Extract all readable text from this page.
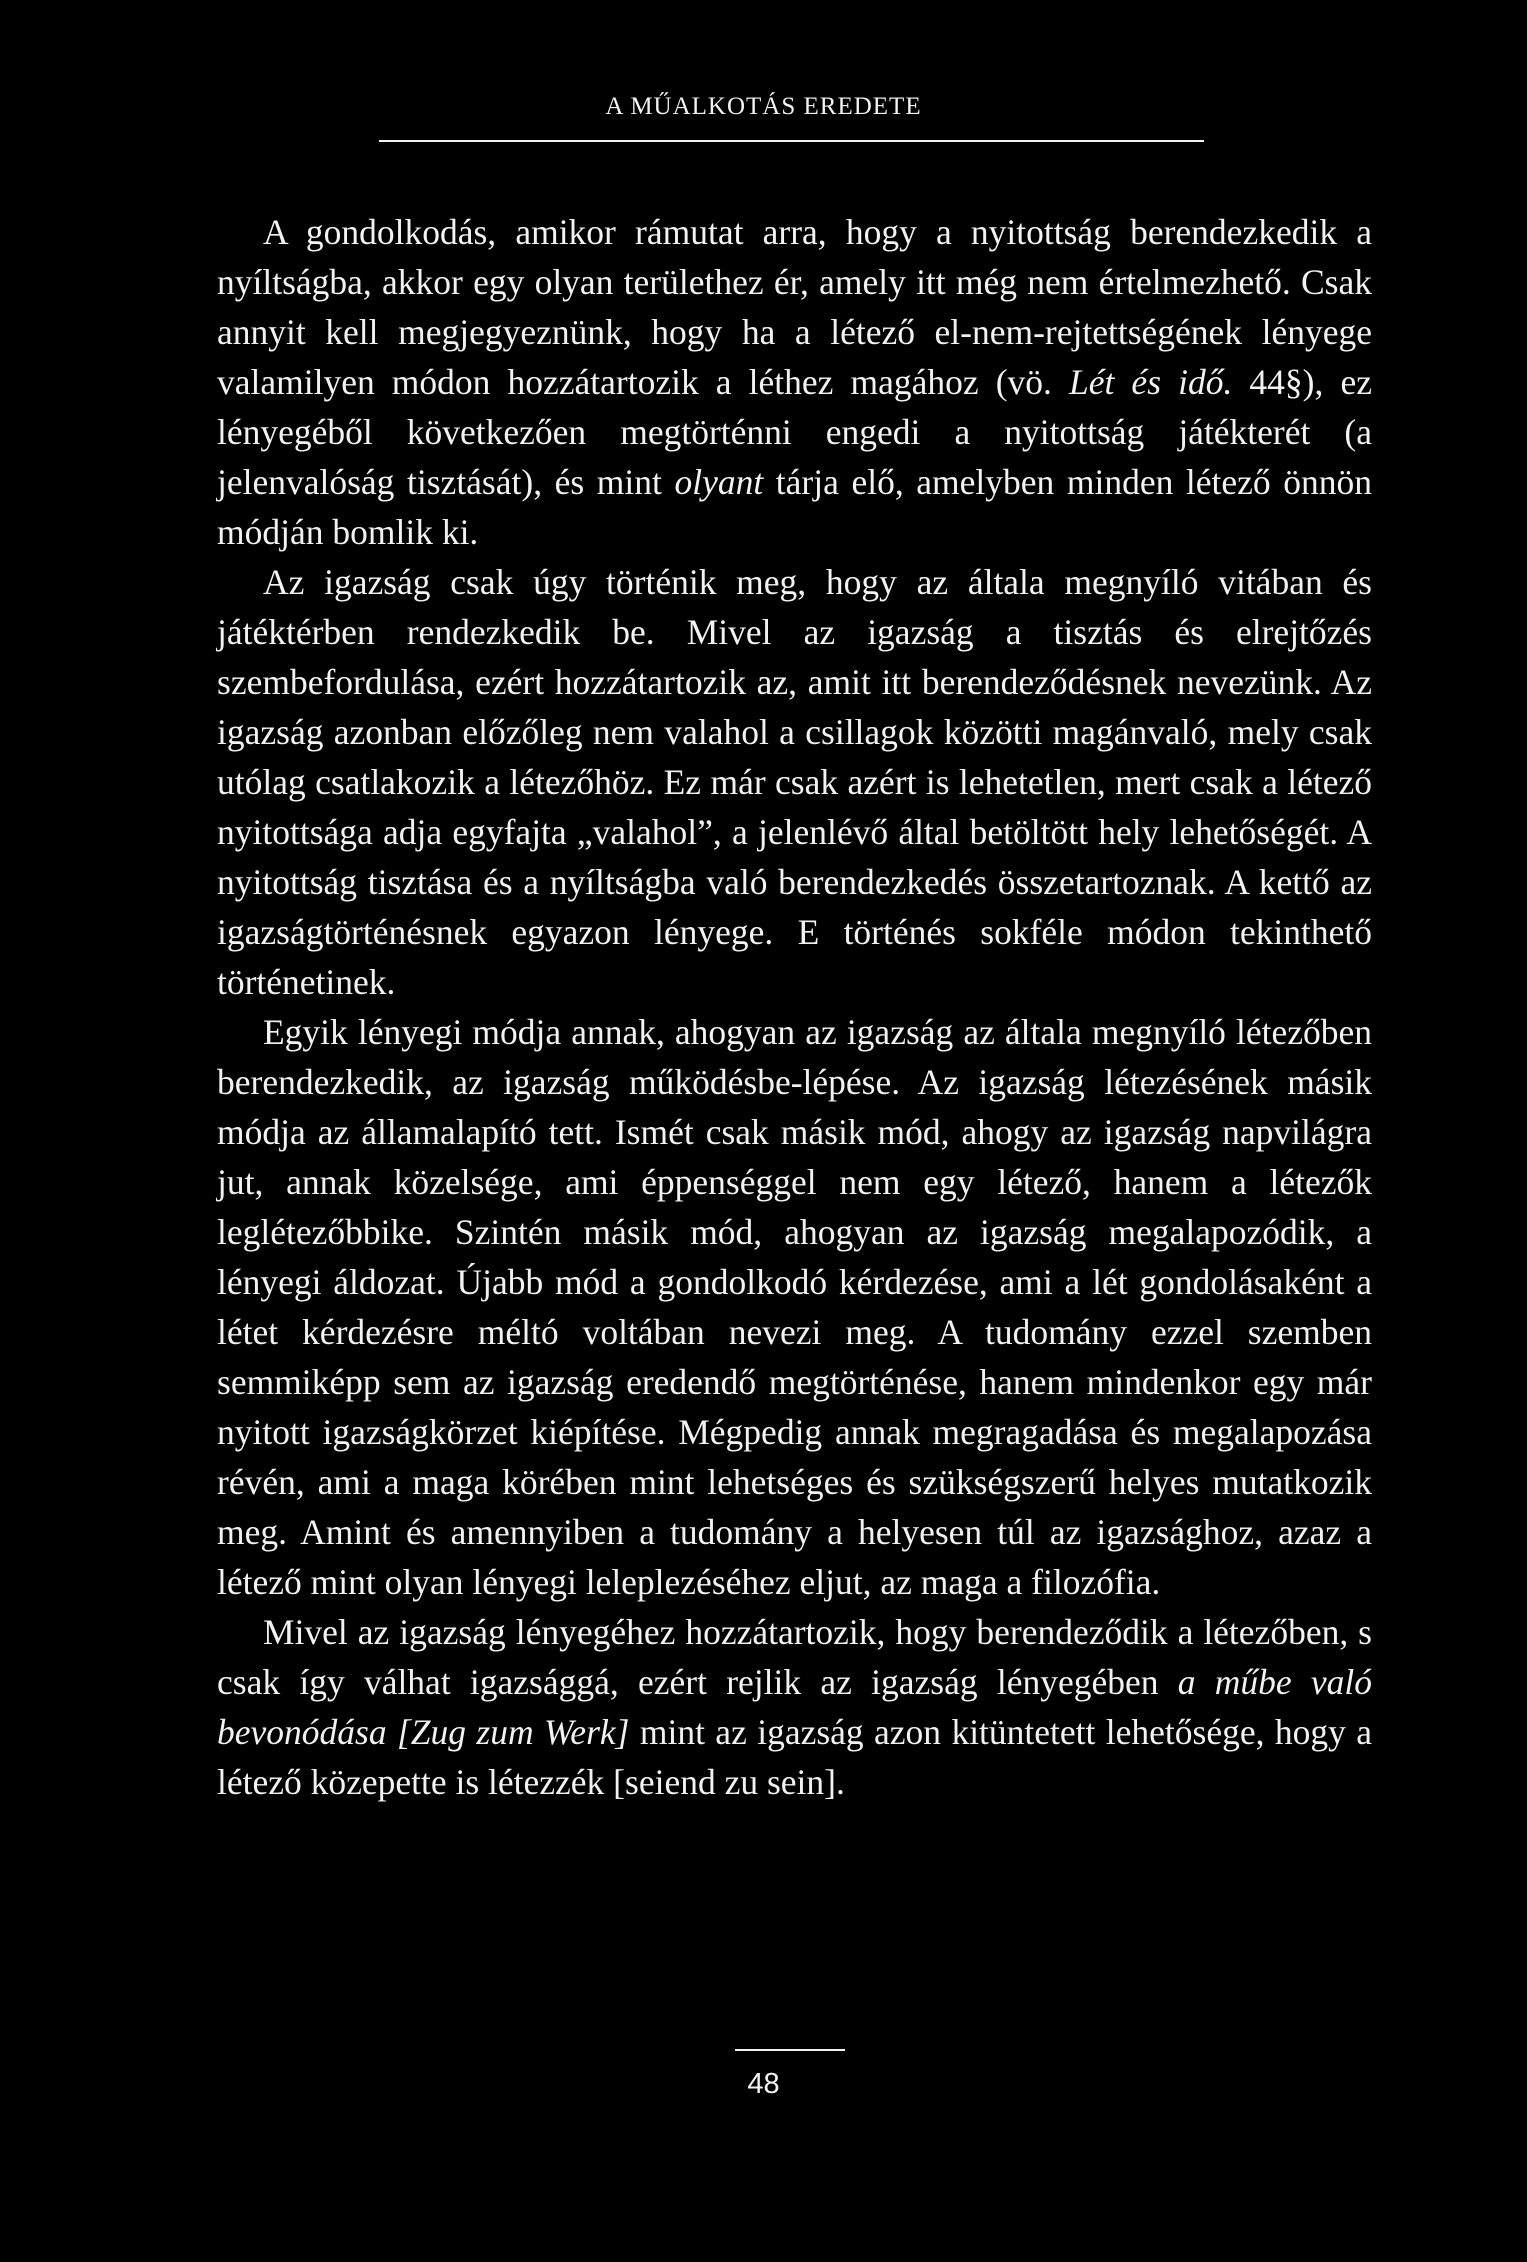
A MŰALKOTÁS EREDETE

A gondolkodás, amikor rámutat arra, hogy a nyitottság berendezkedik a nyíltságba, akkor egy olyan területhez ér, amely itt még nem értelmezhető. Csak annyit kell megjegyeznünk, hogy ha a létező el-nem-rejtettségének lényege valamilyen módon hozzátartozik a léthez magához (vö. Lét és idő. 44§), ez lényegéből következően megtörténni engedi a nyitottság játékterét (a jelenvalóság tisztását), és mint olyant tárja elő, amelyben minden létező önnön módján bomlik ki.

Az igazság csak úgy történik meg, hogy az általa megnyíló vitában és játéktérben rendezkedik be. Mivel az igazság a tisztás és elrejtőzés szembefordulása, ezért hozzátartozik az, amit itt berendeződésnek nevezünk. Az igazság azonban előzőleg nem valahol a csillagok közötti magánvaló, mely csak utólag csatlakozik a létezőhöz. Ez már csak azért is lehetetlen, mert csak a létező nyitottsága adja egyfajta „valahol”, a jelenlévő által betöltött hely lehetőségét. A nyitottság tisztása és a nyíltságba való berendezkedés összetartoznak. A kettő az igazságtörténésnek egyazon lényege. E történés sokféle módon tekinthető történetinek.

Egyik lényegi módja annak, ahogyan az igazság az általa megnyíló létezőben berendezkedik, az igazság működésbe-lépése. Az igazság létezésének másik módja az államalapító tett. Ismét csak másik mód, ahogy az igazság napvilágra jut, annak közelsége, ami éppenséggel nem egy létező, hanem a létezők leglétezőbbike. Szintén másik mód, ahogyan az igazság megalapozódik, a lényegi áldozat. Újabb mód a gondolkodó kérdezése, ami a lét gondolásaként a létet kérdezésre méltó voltában nevezi meg. A tudomány ezzel szemben semmiképp sem az igazság eredendő megtörténése, hanem mindenkor egy már nyitott igazságkörzet kiépítése. Mégpedig annak megragadása és megalapozása révén, ami a maga körében mint lehetséges és szükségszerű helyes mutatkozik meg. Amint és amennyiben a tudomány a helyesen túl az igazsághoz, azaz a létező mint olyan lényegi leleplezéséhez eljut, az maga a filozófia.

Mivel az igazság lényegéhez hozzátartozik, hogy berendeződik a létezőben, s csak így válhat igazsággá, ezért rejlik az igazság lényegében a műbe való bevonódása [Zug zum Werk] mint az igazság azon kitüntetett lehetősége, hogy a létező közepette is létezzék [seiend zu sein].

48
